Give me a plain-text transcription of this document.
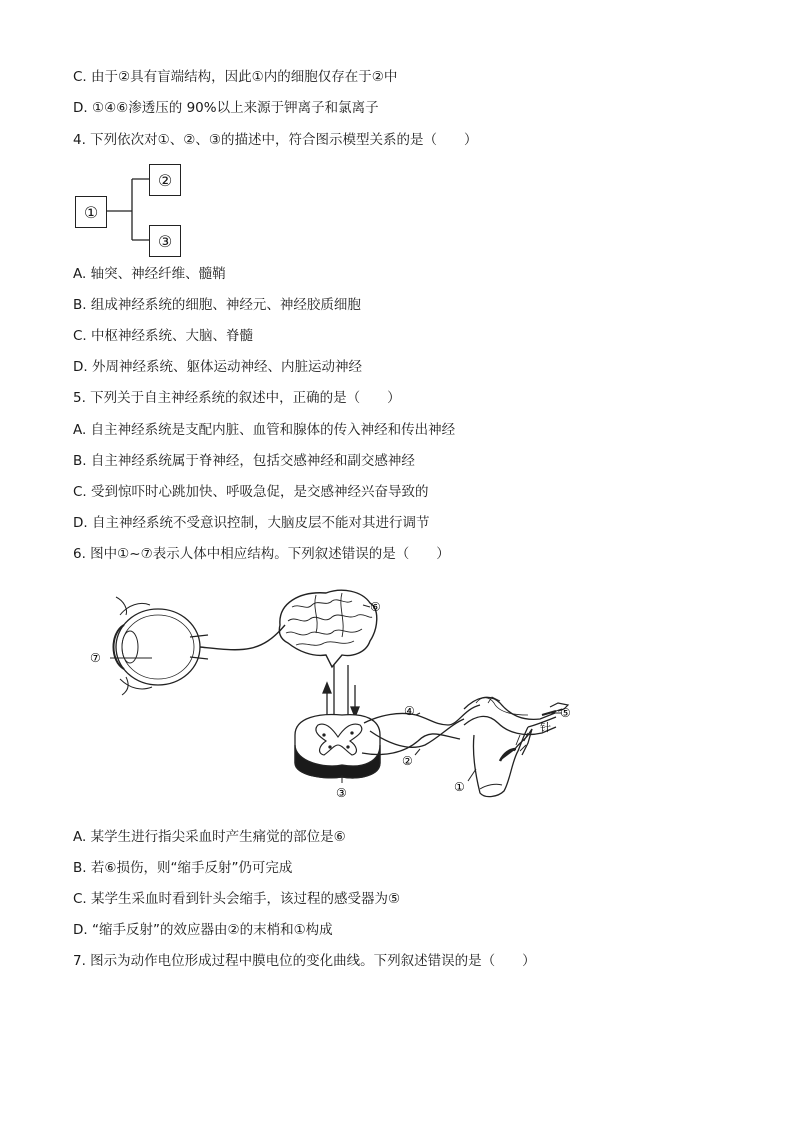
C. 由于②具有盲端结构，因此①内的细胞仅存在于②中
D. ①④⑥渗透压的 90%以上来源于钾离子和氯离子
4. 下列依次对①、②、③的描述中，符合图示模型关系的是（　　）
①
②
③
A. 轴突、神经纤维、髓鞘
B. 组成神经系统的细胞、神经元、神经胶质细胞
C. 中枢神经系统、大脑、脊髓
D. 外周神经系统、躯体运动神经、内脏运动神经
5. 下列关于自主神经系统的叙述中，正确的是（　　）
A. 自主神经系统是支配内脏、血管和腺体的传入神经和传出神经
B. 自主神经系统属于脊神经，包括交感神经和副交感神经
C. 受到惊吓时心跳加快、呼吸急促，是交感神经兴奋导致的
D. 自主神经系统不受意识控制，大脑皮层不能对其进行调节
6. 图中①~⑦表示人体中相应结构。下列叙述错误的是（　　）
⑦
⑥
③
④
②
针
⑤
①
A. 某学生进行指尖采血时产生痛觉的部位是⑥
B. 若⑥损伤，则“缩手反射”仍可完成
C. 某学生采血时看到针头会缩手，该过程的感受器为⑤
D. “缩手反射”的效应器由②的末梢和①构成
7. 图示为动作电位形成过程中膜电位的变化曲线。下列叙述错误的是（　　）
